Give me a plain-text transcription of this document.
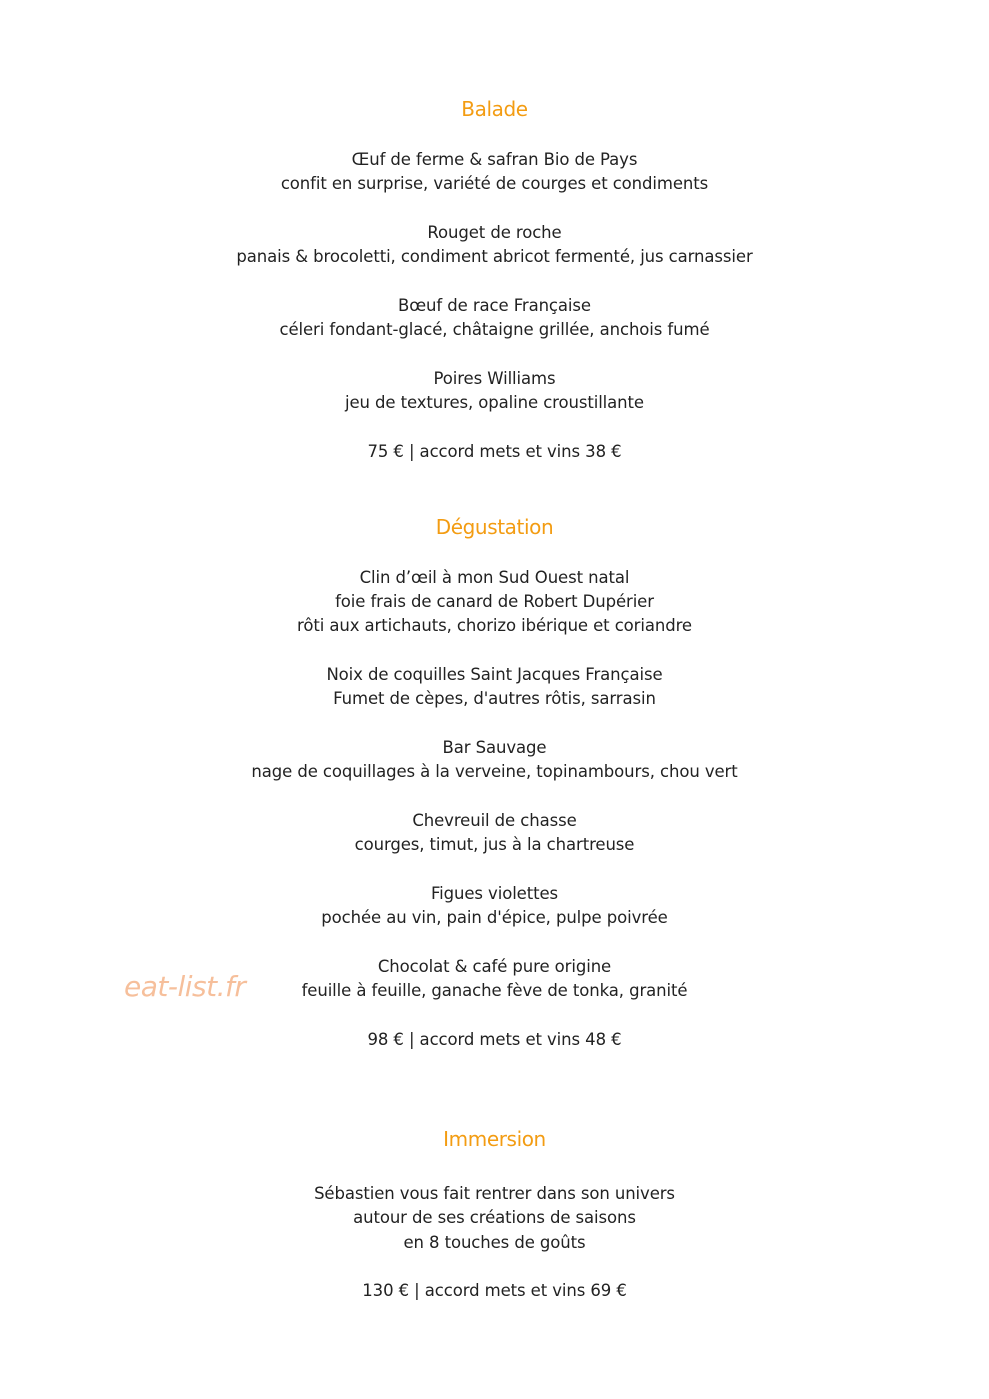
Balade
Œuf de ferme & safran Bio de Pays
confit en surprise, variété de courges et condiments
Rouget de roche
panais & brocoletti, condiment abricot fermenté, jus carnassier
Bœuf de race Française
céleri fondant-glacé, châtaigne grillée, anchois fumé
Poires Williams
jeu de textures, opaline croustillante
75 € | accord mets et vins 38 €
Dégustation
Clin d’œil à mon Sud Ouest natal
foie frais de canard de Robert Dupérier
rôti aux artichauts, chorizo ibérique et coriandre
Noix de coquilles Saint Jacques Française
Fumet de cèpes, d'autres rôtis, sarrasin
Bar Sauvage
nage de coquillages à la verveine, topinambours, chou vert
Chevreuil de chasse
courges, timut, jus à la chartreuse
Figues violettes
pochée au vin, pain d'épice, pulpe poivrée
Chocolat & café pure origine
feuille à feuille, ganache fève de tonka, granité
98 € | accord mets et vins 48 €
Immersion
Sébastien vous fait rentrer dans son univers
autour de ses créations de saisons
en 8 touches de goûts
130 € | accord mets et vins 69 €
eat-list.fr
